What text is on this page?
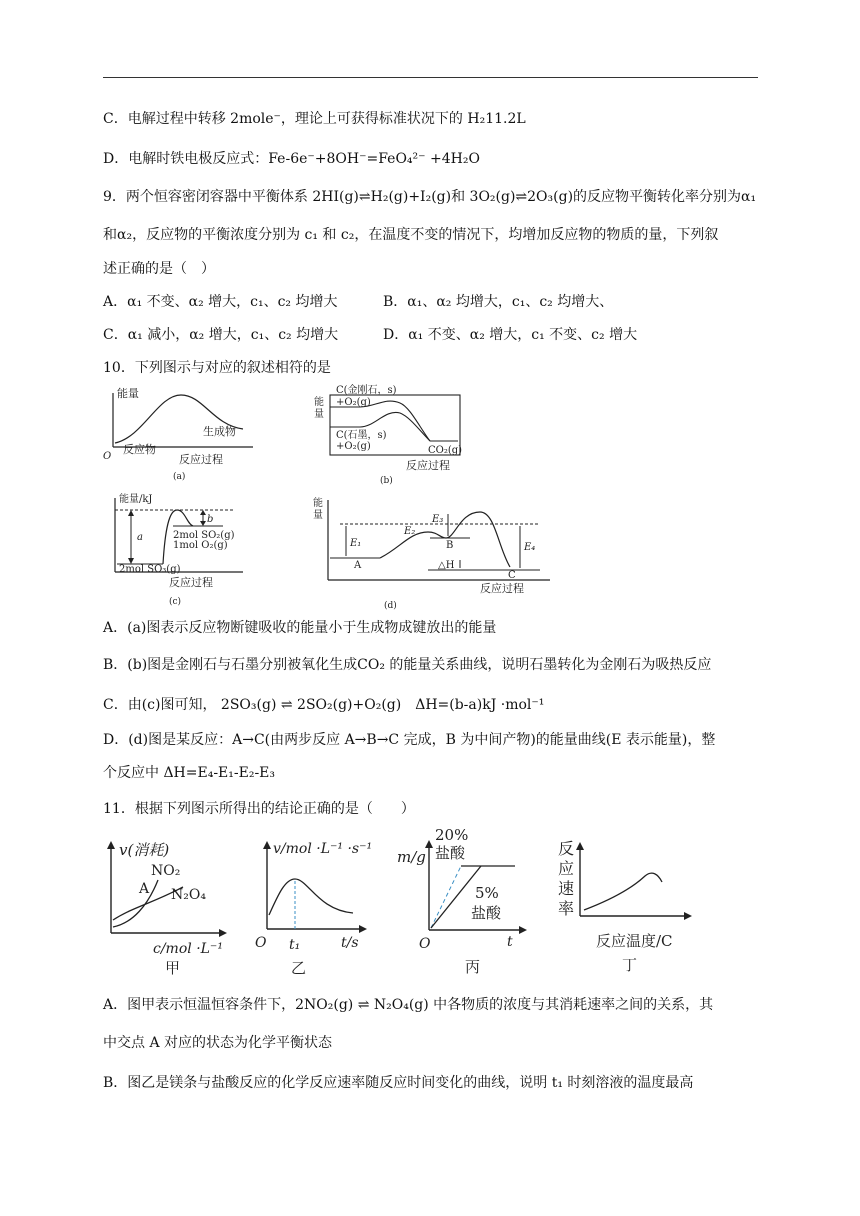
C．电解过程中转移 2mole⁻，理论上可获得标准状况下的 H₂11.2L
D．电解时铁电极反应式：Fe-6e⁻+8OH⁻=FeO₄²⁻ +4H₂O
9．两个恒容密闭容器中平衡体系 2HI(g)⇌H₂(g)+I₂(g)和 3O₂(g)⇌2O₃(g)的反应物平衡转化率分别为α₁
和α₂，反应物的平衡浓度分别为 c₁ 和 c₂，在温度不变的情况下，均增加反应物的物质的量，下列叙
述正确的是（　）
A．α₁ 不变、α₂ 增大，c₁、c₂ 均增大	B．α₁、α₂ 均增大，c₁、c₂ 均增大、
C．α₁ 减小，α₂ 增大，c₁、c₂ 均增大	D．α₁ 不变、α₂ 增大，c₁ 不变、c₂ 增大
10．下列图示与对应的叙述相符的是
能量
生成物
反应物
O	反应过程
(a)
C(金刚石，s)
+O₂(g)
能
量
C(石墨，s)
+O₂(g)	CO₂(g)
反应过程
(b)
能量/kJ
a
b
2mol SO₂(g)
1mol O₂(g)
2mol SO₃(g)
反应过程
(c)
能
量
E₁
E₂
E₃
E₄
A
B
C
△H
反应过程
(d)
A．(a)图表示反应物断键吸收的能量小于生成物成键放出的能量
B．(b)图是金刚石与石墨分别被氧化生成CO₂ 的能量关系曲线，说明石墨转化为金刚石为吸热反应
C．由(c)图可知， 2SO₃(g) ⇌ 2SO₂(g)+O₂(g)　ΔH=(b-a)kJ ·mol⁻¹
D．(d)图是某反应：A→C(由两步反应 A→B→C 完成，B 为中间产物)的能量曲线(E 表示能量)，整
个反应中 ΔH=E₄-E₁-E₂-E₃
11．根据下列图示所得出的结论正确的是（　　）
v(消耗)
NO₂
A N₂O₄
c/mol ·L⁻¹
甲
v/mol ·L⁻¹ ·s⁻¹
O t₁	t/s
乙
20%
盐酸
m/g
5%
盐酸
O	t
丙
反
应
速
率
反应温度/C
丁
A．图甲表示恒温恒容条件下，2NO₂(g) ⇌ N₂O₄(g) 中各物质的浓度与其消耗速率之间的关系，其
中交点 A 对应的状态为化学平衡状态
B．图乙是镁条与盐酸反应的化学反应速率随反应时间变化的曲线，说明 t₁ 时刻溶液的温度最高
